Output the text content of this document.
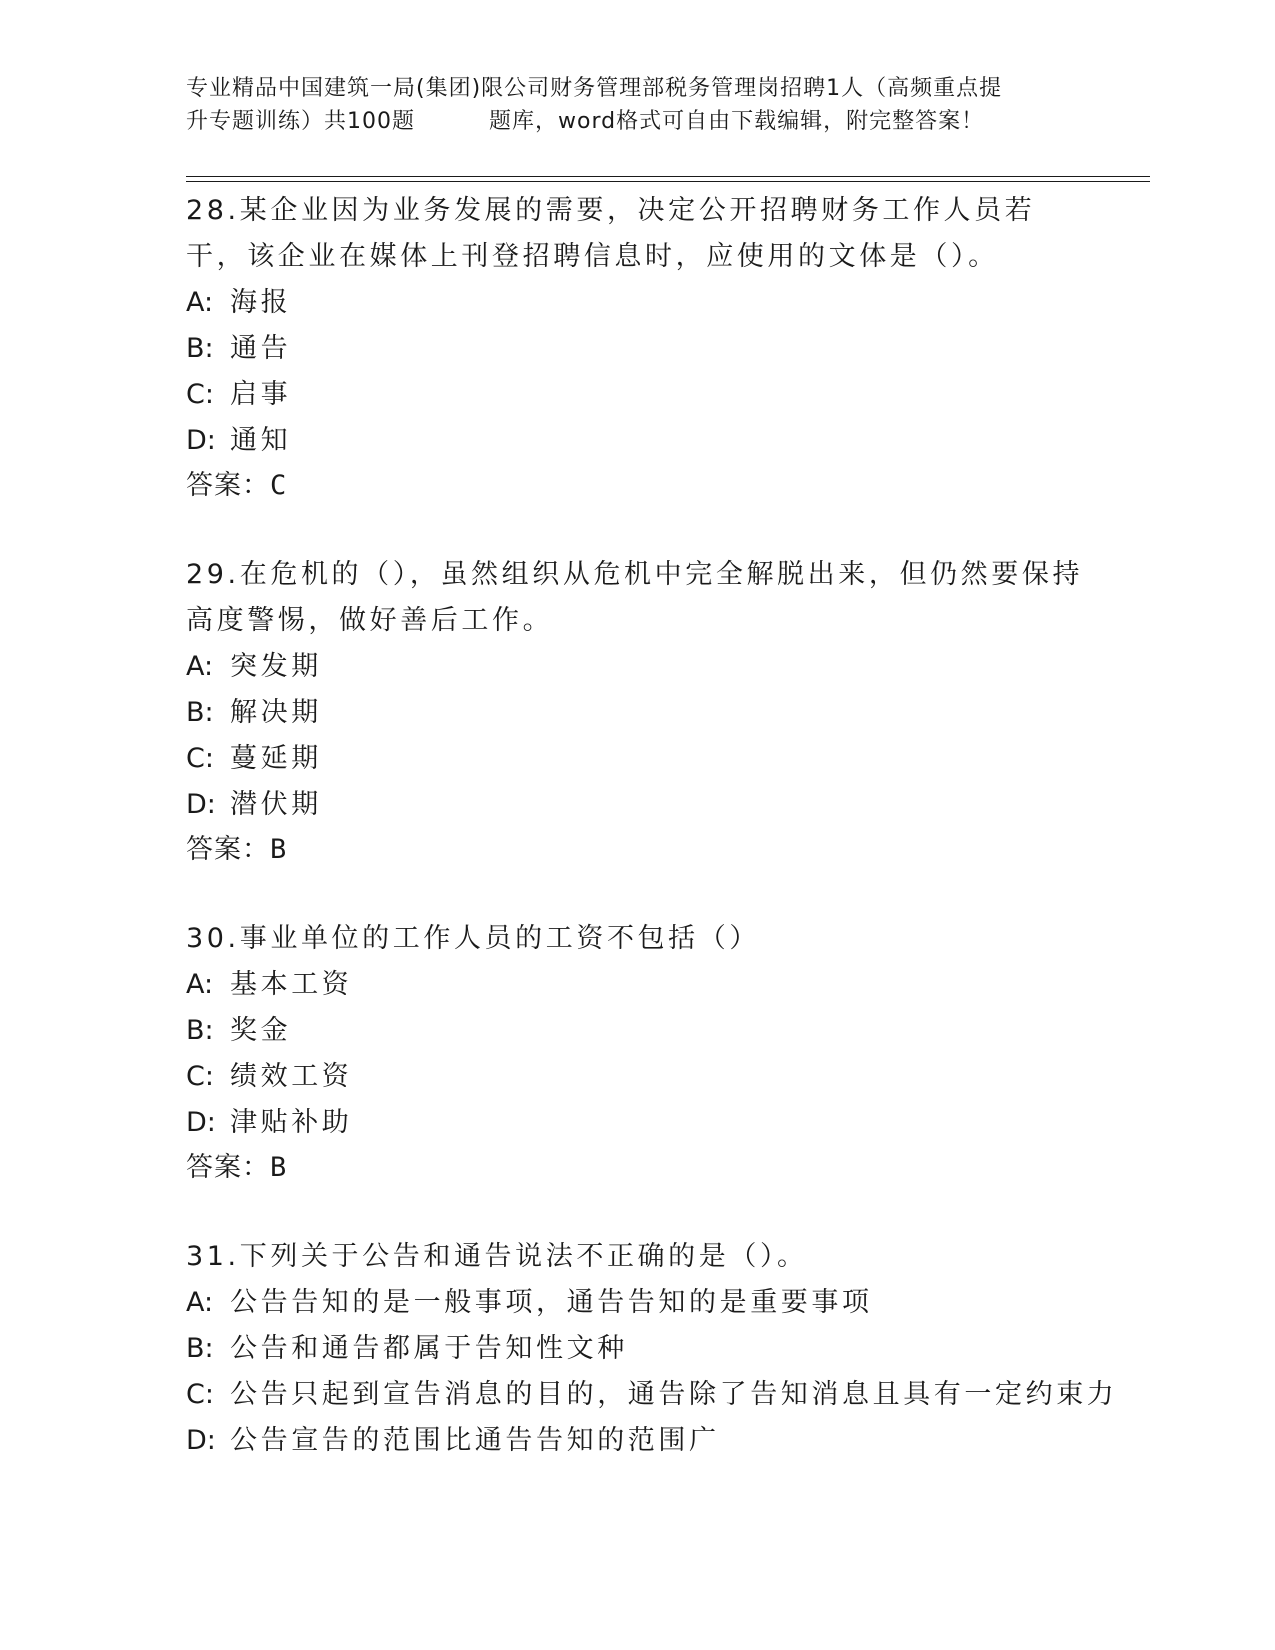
专业精品中国建筑一局(集团)限公司财务管理部税务管理岗招聘1人（高频重点提
升专题训练）共100题	题库，word格式可自由下载编辑，附完整答案！
28.某企业因为业务发展的需要，决定公开招聘财务工作人员若干，该企业在媒体上刊登招聘信息时，应使用的文体是（）。
A: 海报
B: 通告
C: 启事
D: 通知
答案：C
29.在危机的（），虽然组织从危机中完全解脱出来，但仍然要保持高度警惕，做好善后工作。
A: 突发期
B: 解决期
C: 蔓延期
D: 潜伏期
答案：B
30.事业单位的工作人员的工资不包括（）
A: 基本工资
B: 奖金
C: 绩效工资
D: 津贴补助
答案：B
31.下列关于公告和通告说法不正确的是（）。
A: 公告告知的是一般事项，通告告知的是重要事项
B: 公告和通告都属于告知性文种
C: 公告只起到宣告消息的目的，通告除了告知消息且具有一定约束力
D: 公告宣告的范围比通告告知的范围广
